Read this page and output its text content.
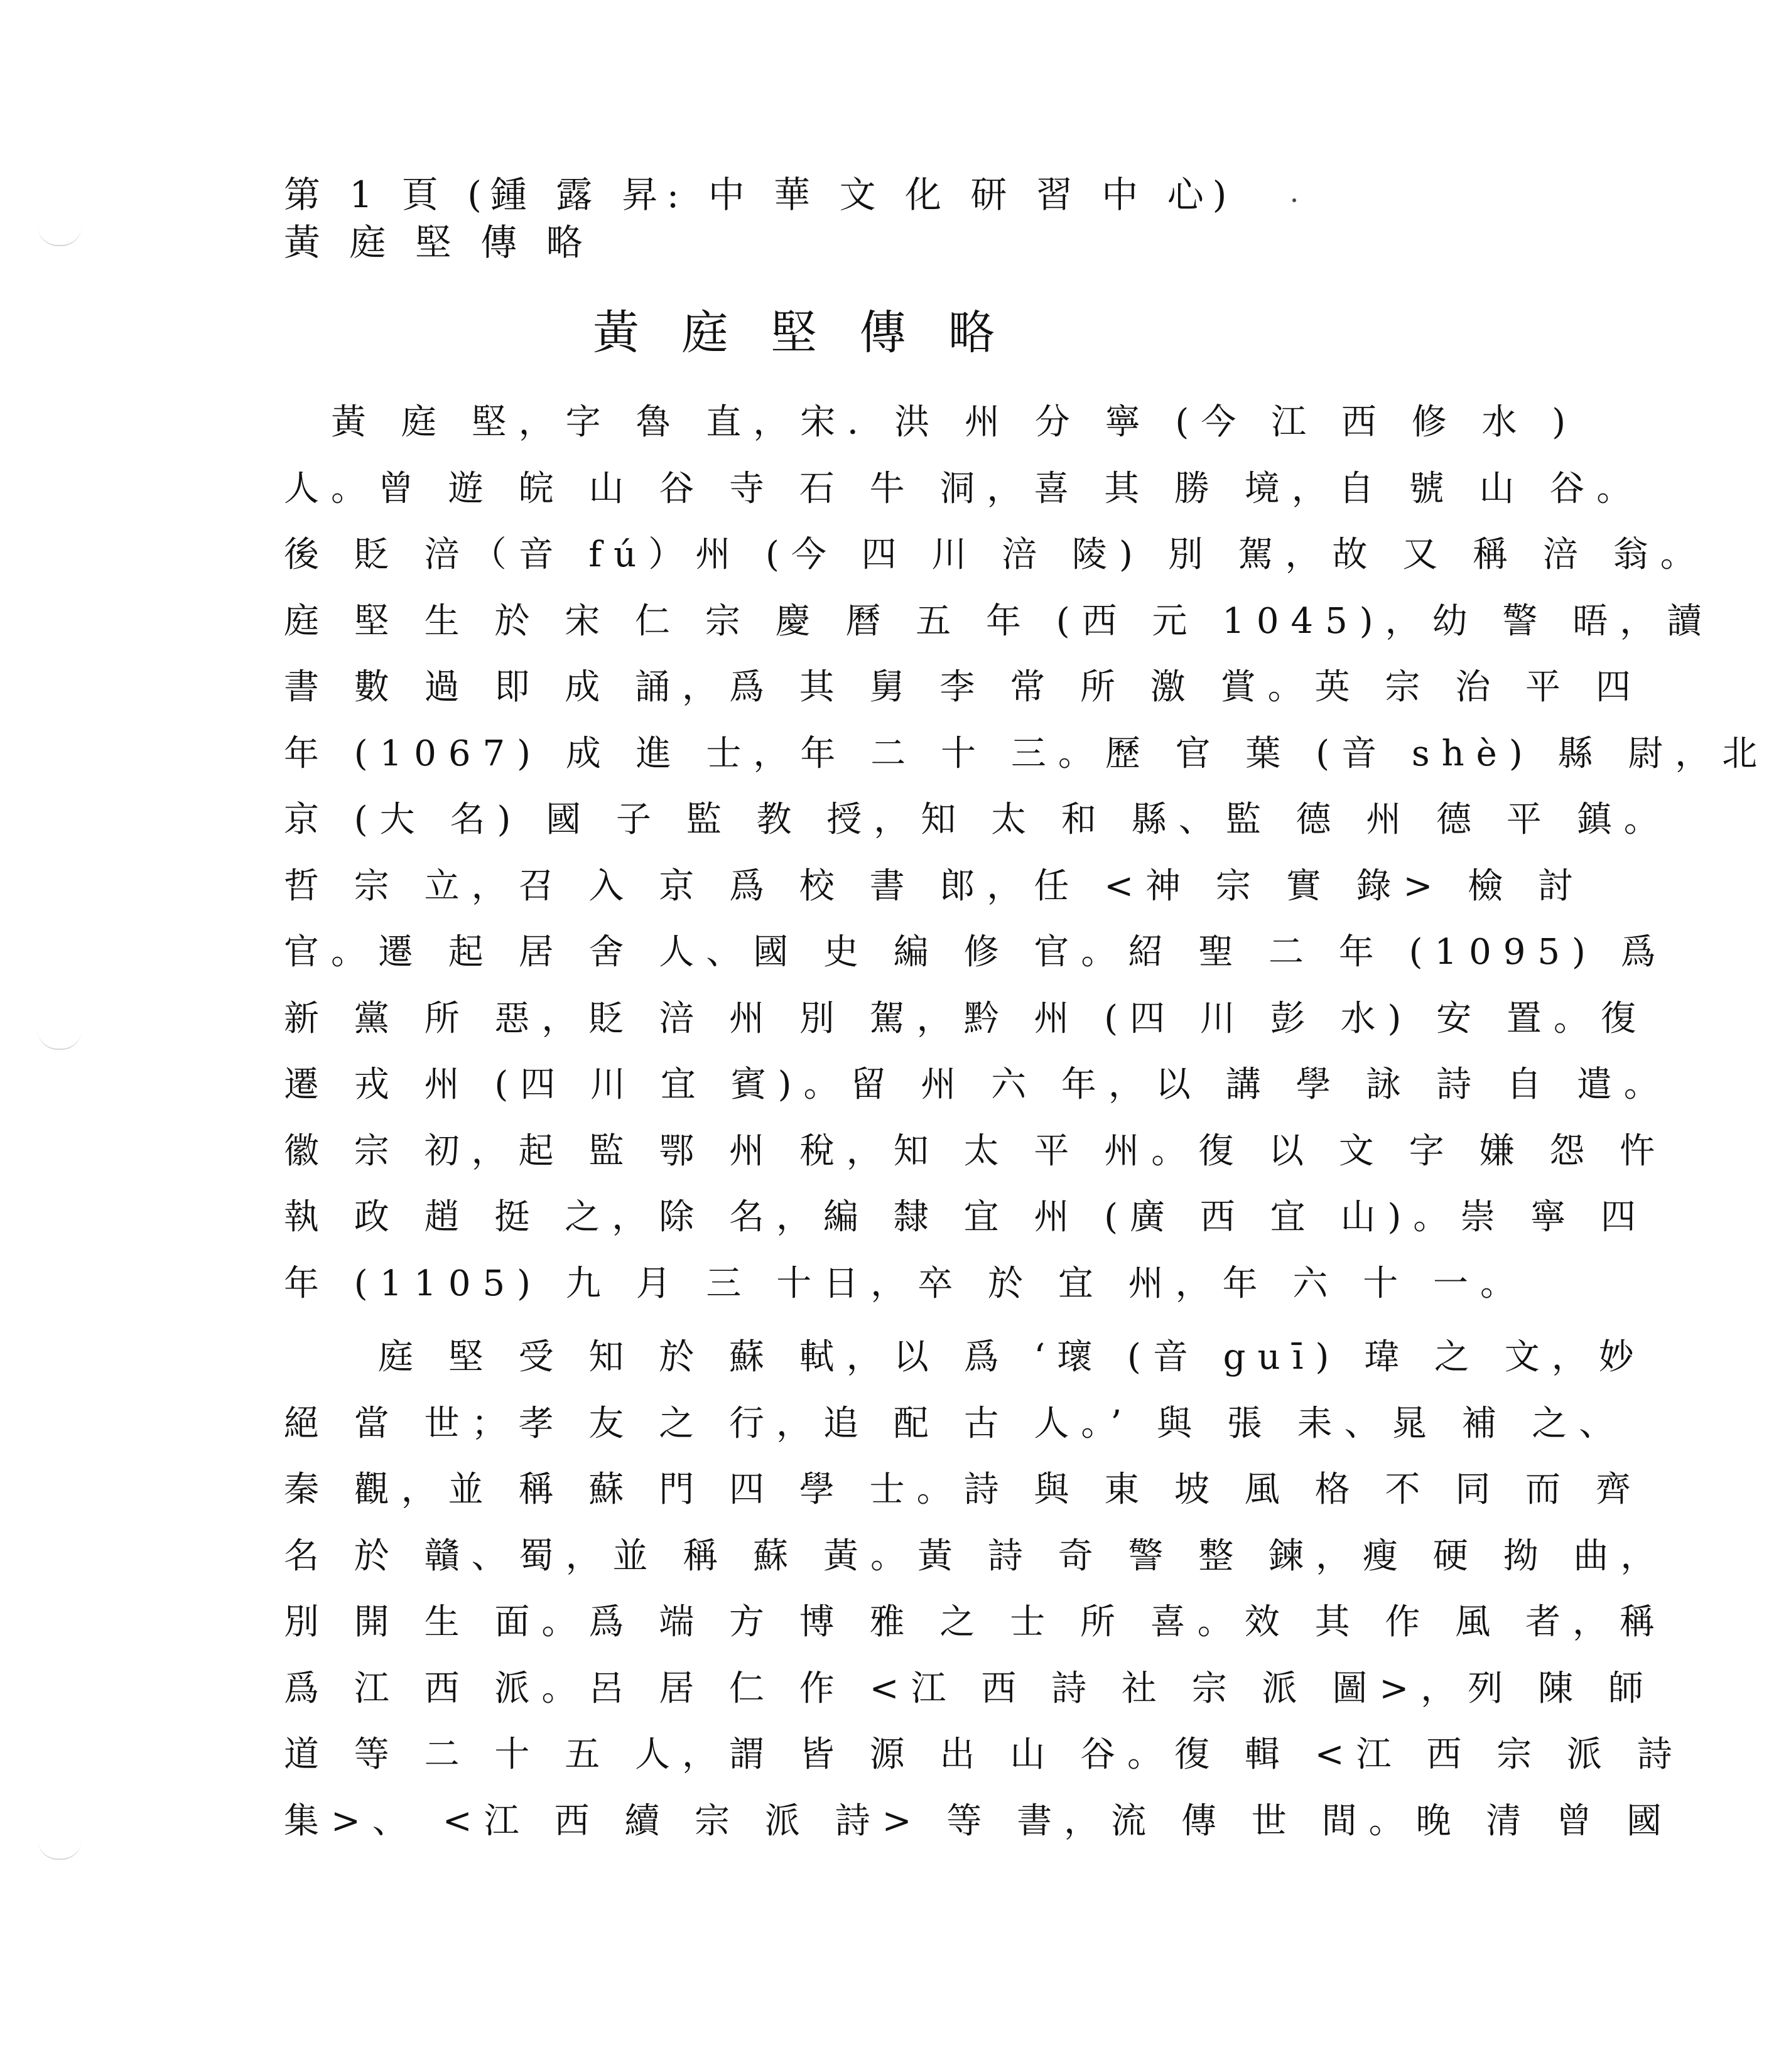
第 1 頁 (鍾 露 昇: 中 華 文 化 研 習 中 心)
黃 庭 堅 傳 略
黃 庭 堅 傳 略
　黃 庭 堅，字 魯 直，宋．洪 州 分 寧 (今 江 西 修 水 )
人。曾 遊 皖 山 谷 寺 石 牛 洞，喜 其 勝 境，自 號 山 谷。
後 貶 涪（音 fú）州 (今 四 川 涪 陵) 別 駕，故 又 稱 涪 翁。
庭 堅 生 於 宋 仁 宗 慶 曆 五 年 (西 元 1045)，幼 警 晤，讀
書 數 過 即 成 誦，爲 其 舅 李 常 所 激 賞。英 宗 治 平 四
年 (1067) 成 進 士，年 二 十 三。歷 官 葉 (音 shè) 縣 尉，北
京 (大 名) 國 子 監 教 授，知 太 和 縣、監 德 州 德 平 鎮。
哲 宗 立，召 入 京 爲 校 書 郎，任 <神 宗 實 錄> 檢 討
官。遷 起 居 舍 人、國 史 編 修 官。紹 聖 二 年 (1095) 爲
新 黨 所 惡，貶 涪 州 別 駕，黔 州 (四 川 彭 水) 安 置。復
遷 戎 州 (四 川 宜 賓)。留 州 六 年，以 講 學 詠 詩 自 遣。
徽 宗 初，起 監 鄂 州 稅，知 太 平 州。復 以 文 字 嫌 怨 忤
執 政 趙 挺 之，除 名，編 隸 宜 州 (廣 西 宜 山)。崇 寧 四
年 (1105) 九 月 三 十日，卒 於 宜 州，年 六 十 一。
　　庭 堅 受 知 於 蘇 軾，以 爲 ‘瓌 (音 guī) 瑋 之 文，妙
絕 當 世；孝 友 之 行，追 配 古 人。’ 與 張 耒、晁 補 之、
秦 觀，並 稱 蘇 門 四 學 士。詩 與 東 坡 風 格 不 同 而 齊
名 於 贛、蜀，並 稱 蘇 黃。黃 詩 奇 警 整 鍊，瘦 硬 拗 曲，
別 開 生 面。爲 端 方 博 雅 之 士 所 喜。效 其 作 風 者，稱
爲 江 西 派。呂 居 仁 作 <江 西 詩 社 宗 派 圖>，列 陳 師
道 等 二 十 五 人，謂 皆 源 出 山 谷。復 輯 <江 西 宗 派 詩
集>、 <江 西 續 宗 派 詩> 等 書，流 傳 世 間。晚 清 曾 國
